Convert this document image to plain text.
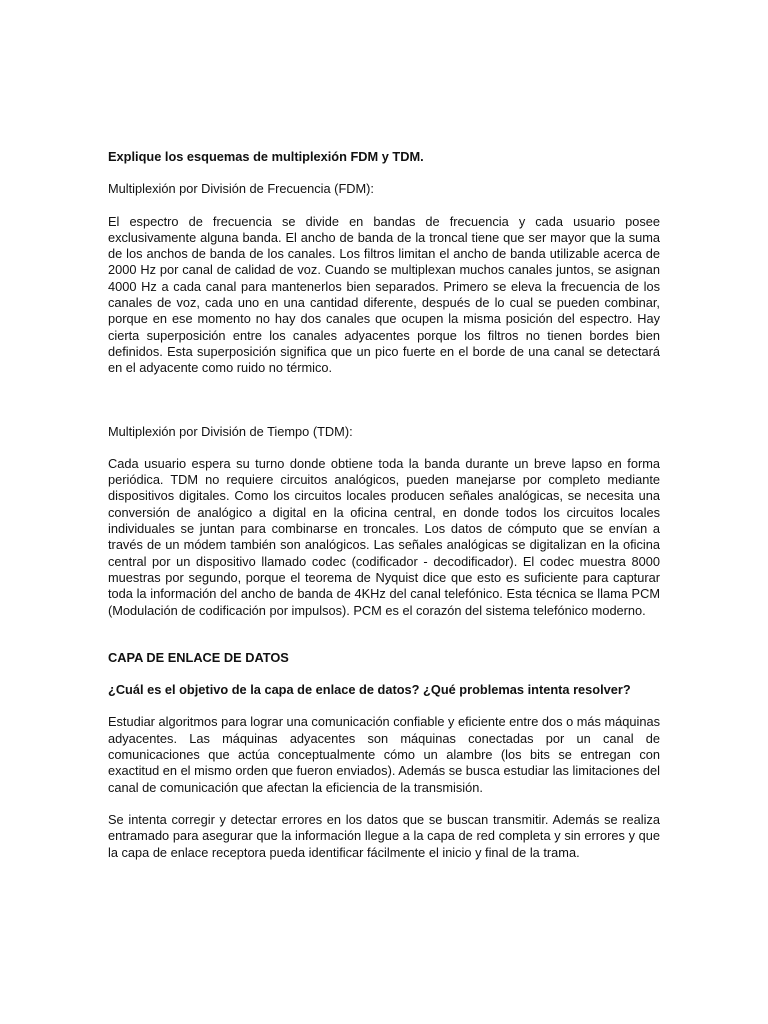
Explique los esquemas de multiplexión FDM y TDM.

Multiplexión por División de Frecuencia (FDM):

El espectro de frecuencia se divide en bandas de frecuencia y cada usuario posee exclusivamente alguna banda. El ancho de banda de la troncal tiene que ser mayor que la suma de los anchos de banda de los canales. Los filtros limitan el ancho de banda utilizable acerca de 2000 Hz por canal de calidad de voz. Cuando se multiplexan muchos canales juntos, se asignan 4000 Hz a cada canal para mantenerlos bien separados. Primero se eleva la frecuencia de los canales de voz, cada uno en una cantidad diferente, después de lo cual se pueden combinar, porque en ese momento no hay dos canales que ocupen la misma posición del espectro. Hay cierta superposición entre los canales adyacentes porque los filtros no tienen bordes bien definidos. Esta superposición significa que un pico fuerte en el borde de una canal se detectará en el adyacente como ruido no térmico.

Multiplexión por División de Tiempo (TDM):

Cada usuario espera su turno donde obtiene toda la banda durante un breve lapso en forma periódica. TDM no requiere circuitos analógicos, pueden manejarse por completo mediante dispositivos digitales. Como los circuitos locales producen señales analógicas, se necesita una conversión de analógico a digital en la oficina central, en donde todos los circuitos locales individuales se juntan para combinarse en troncales. Los datos de cómputo que se envían a través de un módem también son analógicos. Las señales analógicas se digitalizan en la oficina central por un dispositivo llamado codec (codificador - decodificador). El codec muestra 8000 muestras por segundo, porque el teorema de Nyquist dice que esto es suficiente para capturar toda la información del ancho de banda de 4KHz del canal telefónico. Esta técnica se llama PCM (Modulación de codificación por impulsos). PCM es el corazón del sistema telefónico moderno.

CAPA DE ENLACE DE DATOS

¿Cuál es el objetivo de la capa de enlace de datos? ¿Qué problemas intenta resolver?

Estudiar algoritmos para lograr una comunicación confiable y eficiente entre dos o más máquinas adyacentes. Las máquinas adyacentes son máquinas conectadas por un canal de comunicaciones que actúa conceptualmente cómo un alambre (los bits se entregan con exactitud en el mismo orden que fueron enviados). Además se busca estudiar las limitaciones del canal de comunicación que afectan la eficiencia de la transmisión.

Se intenta corregir y detectar errores en los datos que se buscan transmitir. Además se realiza entramado para asegurar que la información llegue a la capa de red completa y sin errores y que la capa de enlace receptora pueda identificar fácilmente el inicio y final de la trama.
